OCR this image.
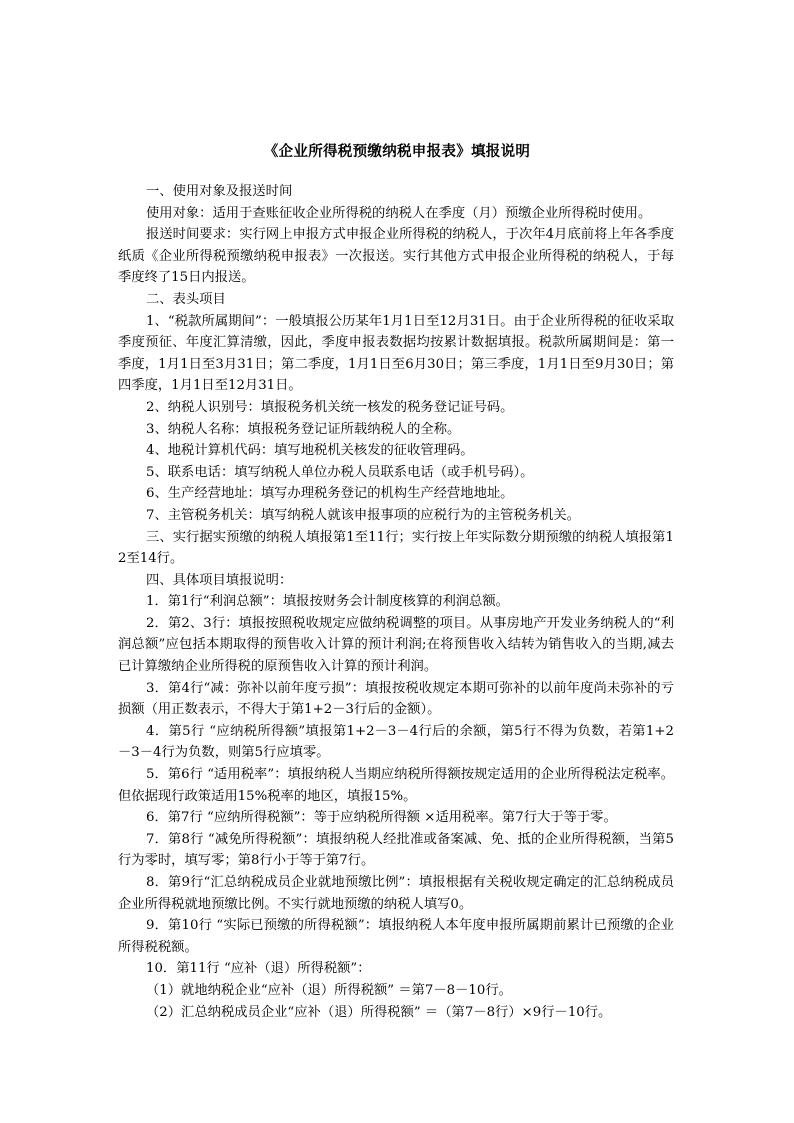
《企业所得税预缴纳税申报表》填报说明

一、使用对象及报送时间

使用对象：适用于查账征收企业所得税的纳税人在季度（月）预缴企业所得税时使用。

报送时间要求：实行网上申报方式申报企业所得税的纳税人，于次年4月底前将上年各季度纸质《企业所得税预缴纳税申报表》一次报送。实行其他方式申报企业所得税的纳税人，于每季度终了15日内报送。

二、表头项目

1、“税款所属期间”：一般填报公历某年1月1日至12月31日。由于企业所得税的征收采取季度预征、年度汇算清缴，因此，季度申报表数据均按累计数据填报。税款所属期间是：第一季度，1月1日至3月31日；第二季度，1月1日至6月30日；第三季度，1月1日至9月30日；第四季度，1月1日至12月31日。

2、纳税人识别号：填报税务机关统一核发的税务登记证号码。

3、纳税人名称：填报税务登记证所载纳税人的全称。

4、地税计算机代码：填写地税机关核发的征收管理码。

5、联系电话：填写纳税人单位办税人员联系电话（或手机号码）。

6、生产经营地址：填写办理税务登记的机构生产经营地地址。

7、主管税务机关：填写纳税人就该申报事项的应税行为的主管税务机关。

三、实行据实预缴的纳税人填报第1至11行；实行按上年实际数分期预缴的纳税人填报第12至14行。

四、具体项目填报说明：

1．第1行“利润总额”：填报按财务会计制度核算的利润总额。

2．第2、3行：填报按照税收规定应做纳税调整的项目。从事房地产开发业务纳税人的“利润总额”应包括本期取得的预售收入计算的预计利润;在将预售收入结转为销售收入的当期,减去已计算缴纳企业所得税的原预售收入计算的预计利润。

3．第4行“减：弥补以前年度亏损”：填报按税收规定本期可弥补的以前年度尚未弥补的亏损额（用正数表示，不得大于第1+2－3行后的金额）。

4．第5行 “应纳税所得额”填报第1+2－3－4行后的余额，第5行不得为负数，若第1+2－3－4行为负数，则第5行应填零。

5．第6行 “适用税率”：填报纳税人当期应纳税所得额按规定适用的企业所得税法定税率。但依据现行政策适用15%税率的地区，填报15%。

6．第7行 “应纳所得税额”：等于应纳税所得额 ×适用税率。第7行大于等于零。

7．第8行 “减免所得税额”：填报纳税人经批准或备案减、免、抵的企业所得税额，当第5行为零时，填写零；第8行小于等于第7行。

8．第9行“汇总纳税成员企业就地预缴比例”：填报根据有关税收规定确定的汇总纳税成员企业所得税就地预缴比例。不实行就地预缴的纳税人填写0。

9．第10行 “实际已预缴的所得税额”：填报纳税人本年度申报所属期前累计已预缴的企业所得税税额。

10．第11行 “应补（退）所得税额”：

（1）就地纳税企业“应补（退）所得税额” ＝第7－8－10行。

（2）汇总纳税成员企业“应补（退）所得税额” ＝（第7－8行）×9行－10行。
